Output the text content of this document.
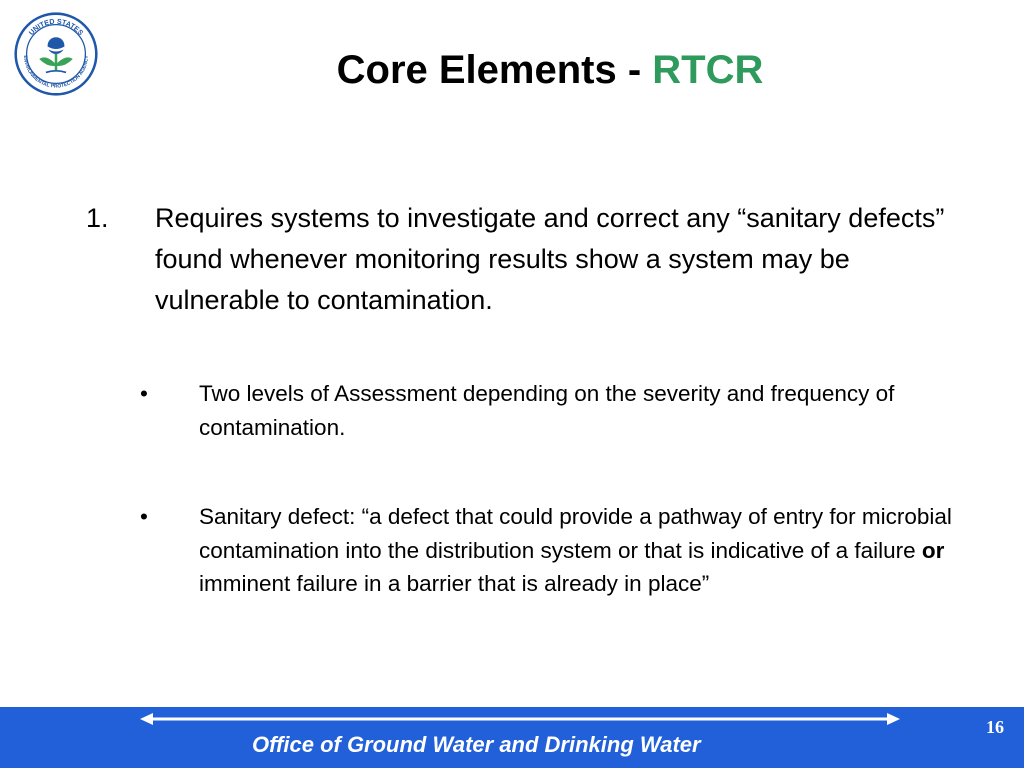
UNITED STATES
ENVIRONMENTAL PROTECTION AGENCY	Core Elements - RTCR
1. Requires systems to investigate and correct any “sanitary defects” found whenever monitoring results show a system may be vulnerable to contamination.
• Two levels of Assessment depending on the severity and frequency of contamination.
• Sanitary defect: “a defect that could provide a pathway of entry for microbial contamination into the distribution system or that is indicative of a failure or imminent failure in a barrier that is already in place”
Office of Ground Water and Drinking Water
16
